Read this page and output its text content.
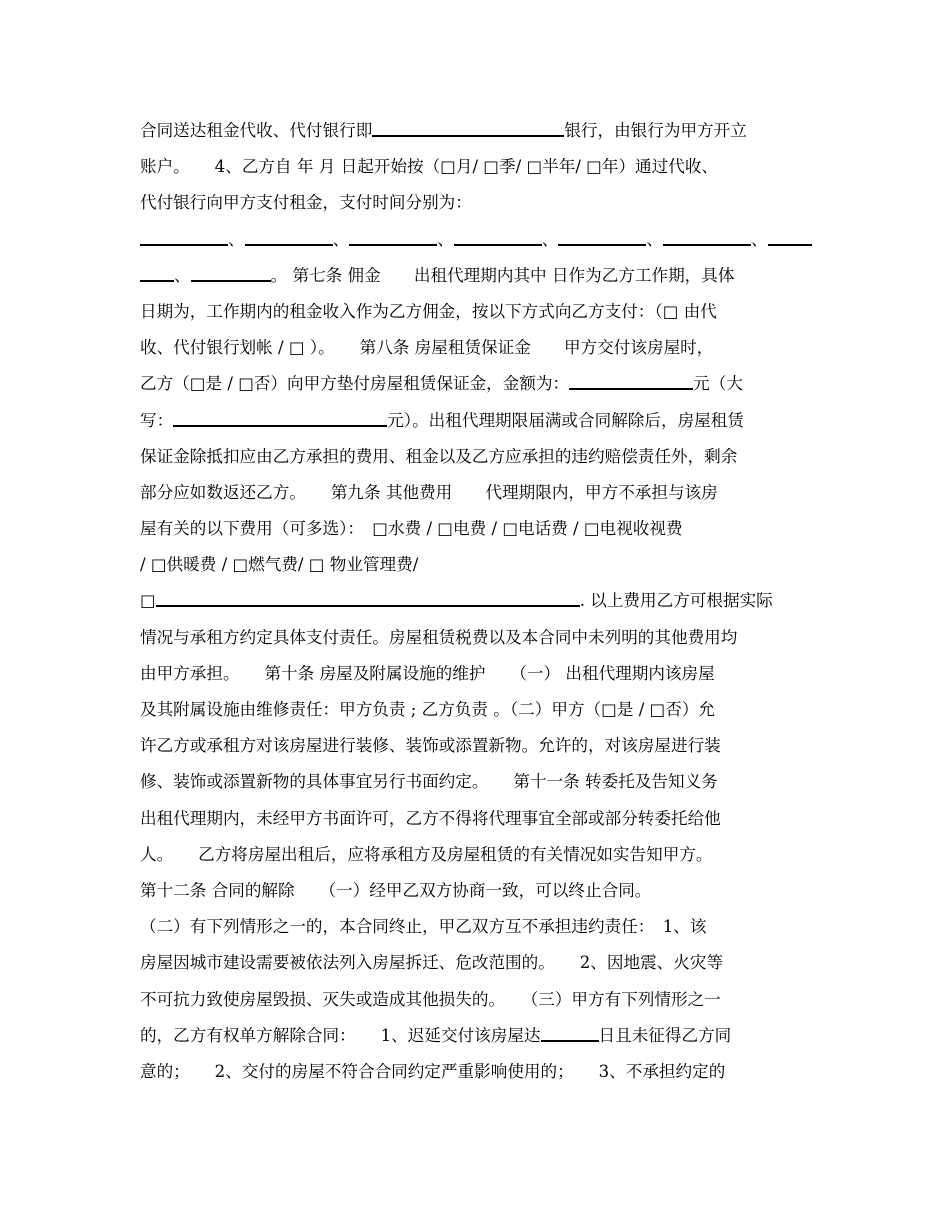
合同送达租金代收、代付银行即	银行，由银行为甲方开立
账户。　　4、乙方自 年 月 日起开始按（□月/ □季/ □半年/ □年）通过代收、
代付银行向甲方支付租金，支付时间分别为：
、	、	、	、	、	、
、	。 第七条 佣金　　出租代理期内其中 日作为乙方工作期，具体
日期为，工作期内的租金收入作为乙方佣金，按以下方式向乙方支付：（□ 由代
收、代付银行划帐 / □ ）。　　第八条 房屋租赁保证金　　甲方交付该房屋时，
乙方（□是 / □否）向甲方垫付房屋租赁保证金，金额为：	元（大
写：	元）。出租代理期限届满或合同解除后，房屋租赁
保证金除抵扣应由乙方承担的费用、租金以及乙方应承担的违约赔偿责任外，剩余
部分应如数返还乙方。　　第九条 其他费用　　代理期限内，甲方不承担与该房
屋有关的以下费用（可多选）：　□水费 / □电费 / □电话费 / □电视收视费
/ □供暖费 / □燃气费/ □ 物业管理费/
□	. 以上费用乙方可根据实际
情况与承租方约定具体支付责任。房屋租赁税费以及本合同中未列明的其他费用均
由甲方承担。　　第十条 房屋及附属设施的维护　　（一） 出租代理期内该房屋
及其附属设施由维修责任：甲方负责 ; 乙方负责 。（二）甲方（□是 / □否）允
许乙方或承租方对该房屋进行装修、装饰或添置新物。允许的，对该房屋进行装
修、装饰或添置新物的具体事宜另行书面约定。　　第十一条 转委托及告知义务
出租代理期内，未经甲方书面许可，乙方不得将代理事宜全部或部分转委托给他
人。　　乙方将房屋出租后，应将承租方及房屋租赁的有关情况如实告知甲方。
第十二条 合同的解除　　（一）经甲乙双方协商一致，可以终止合同。
（二）有下列情形之一的，本合同终止，甲乙双方互不承担违约责任：　1、该
房屋因城市建设需要被依法列入房屋拆迁、危改范围的。　　2、因地震、火灾等
不可抗力致使房屋毁损、灭失或造成其他损失的。　　（三）甲方有下列情形之一
的，乙方有权单方解除合同：　　1、迟延交付该房屋达	日且未征得乙方同
意的；　　2、交付的房屋不符合合同约定严重影响使用的；　　3、不承担约定的
